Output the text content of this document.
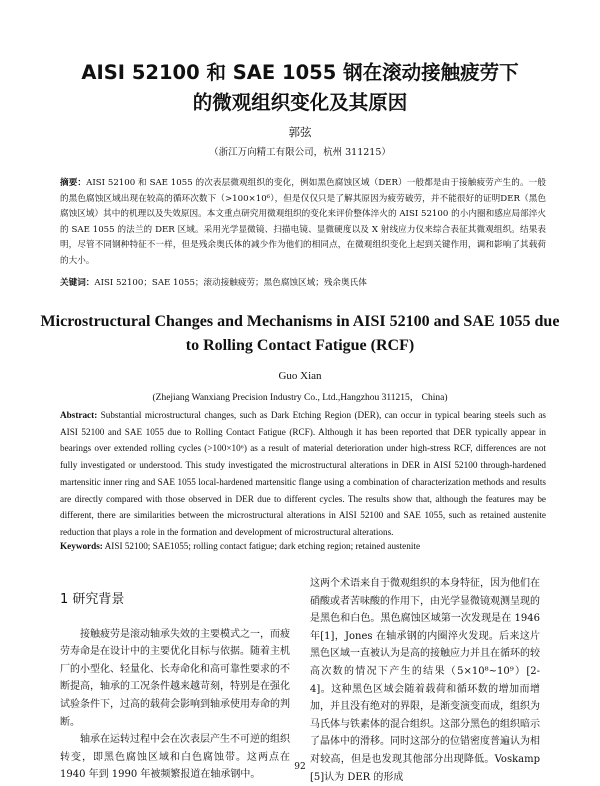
AISI 52100 和 SAE 1055 钢在滚动接触疲劳下
的微观组织变化及其原因
郭弦
（浙江万向精工有限公司，杭州 311215）
摘要：AISI 52100 和 SAE 1055 的次表层微观组织的变化，例如黑色腐蚀区域（DER）一般都是由于接触疲劳产生的。一般的黑色腐蚀区域出现在较高的循环次数下（>100×10⁶），但是仅仅只是了解其原因为疲劳破劳，并不能很好的证明DER（黑色腐蚀区域）其中的机理以及失效原因。本文重点研究用微观组织的变化来评价整体淬火的 AISI 52100 的小内圈和感应局部淬火的 SAE 1055 的法兰的 DER 区域。采用光学显微镜、扫描电镜、显微硬度以及 X 射线应力仪来综合表征其微观组织。结果表明，尽管不同钢种特征不一样，但是残余奥氏体的减少作为他们的相同点，在微观组织变化上起到关键作用，调和影响了其载荷的大小。
关键词：AISI 52100；SAE 1055；滚动接触疲劳；黑色腐蚀区域；残余奥氏体
Microstructural Changes and Mechanisms in AISI 52100 and SAE 1055 due
to Rolling Contact Fatigue (RCF)
Guo Xian
(Zhejiang Wanxiang Precision Industry Co., Ltd.,Hangzhou 311215， China)
Abstract: Substantial microstructural changes, such as Dark Etching Region (DER), can occur in typical bearing steels such as AISI 52100 and SAE 1055 due to Rolling Contact Fatigue (RCF). Although it has been reported that DER typically appear in bearings over extended rolling cycles (>100×10⁶) as a result of material deterioration under high-stress RCF, differences are not fully investigated or understood. This study investigated the microstructural alterations in DER in AISI 52100 through-hardened martensitic inner ring and SAE 1055 local-hardened martensitic flange using a combination of characterization methods and results are directly compared with those observed in DER due to different cycles. The results show that, although the features may be different, there are similarities between the microstructural alterations in AISI 52100 and SAE 1055, such as retained austenite reduction that plays a role in the formation and development of microstructural alterations.
Keywords: AISI 52100; SAE1055; rolling contact fatigue; dark etching region; retained austenite

1 研究背景

接触疲劳是滚动轴承失效的主要模式之一，而疲劳寿命是在设计中的主要优化目标与依据。随着主机厂的小型化、轻量化、长寿命化和高可靠性要求的不断提高，轴承的工况条件越来越苛刻，特别是在强化试验条件下，过高的载荷会影响到轴承使用寿命的判断。

轴承在运转过程中会在次表层产生不可逆的组织转变，即黑色腐蚀区域和白色腐蚀带。这两点在 1940 年到 1990 年被频繁报道在轴承钢中。

这两个术语来自于微观组织的本身特征，因为他们在硝酸或者苦味酸的作用下，由光学显微镜观测呈现的是黑色和白色。黑色腐蚀区域第一次发现是在 1946 年[1]，Jones 在轴承钢的内圈淬火发现。后来这片黑色区域一直被认为是高的接触应力并且在循环的较高次数的情况下产生的结果（5×10⁸~10⁹）[2-4]。这种黑色区域会随着载荷和循环数的增加而增加，并且没有绝对的界限，是渐变演变而成，组织为马氏体与铁素体的混合组织。这部分黑色的组织暗示了晶体中的滑移。同时这部分的位错密度普遍认为相对较高，但是也发现其他部分出现降低。Voskamp [5]认为 DER 的形成

92
